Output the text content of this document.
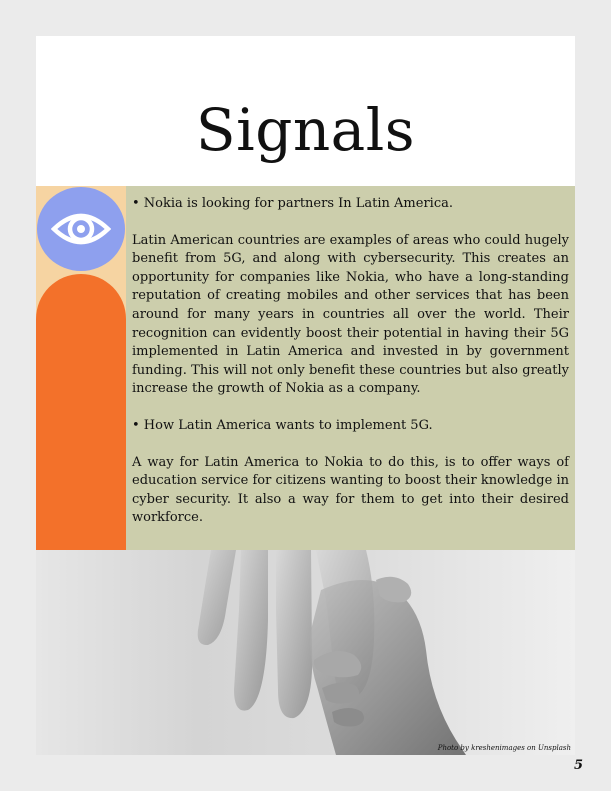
Signals

• Nokia is looking for partners In Latin America.

Latin American countries are examples of areas who could hugely benefit from 5G, and along with cybersecurity. This creates an opportunity for companies like Nokia, who have a long-standing reputation of creating mobiles and other services that has been around for many years in countries all over the world. Their recognition can evidently boost their potential in having their 5G implemented in Latin America and invested in by government funding. This will not only benefit these countries but also greatly increase the growth of Nokia as a company.

• How Latin America wants to implement 5G.

A way for Latin America to Nokia to do this, is to offer ways of education service for citizens wanting to boost their knowledge in cyber security. It also a way for them to get into their desired workforce.

Photo by kreshenimages on Unsplash
5
